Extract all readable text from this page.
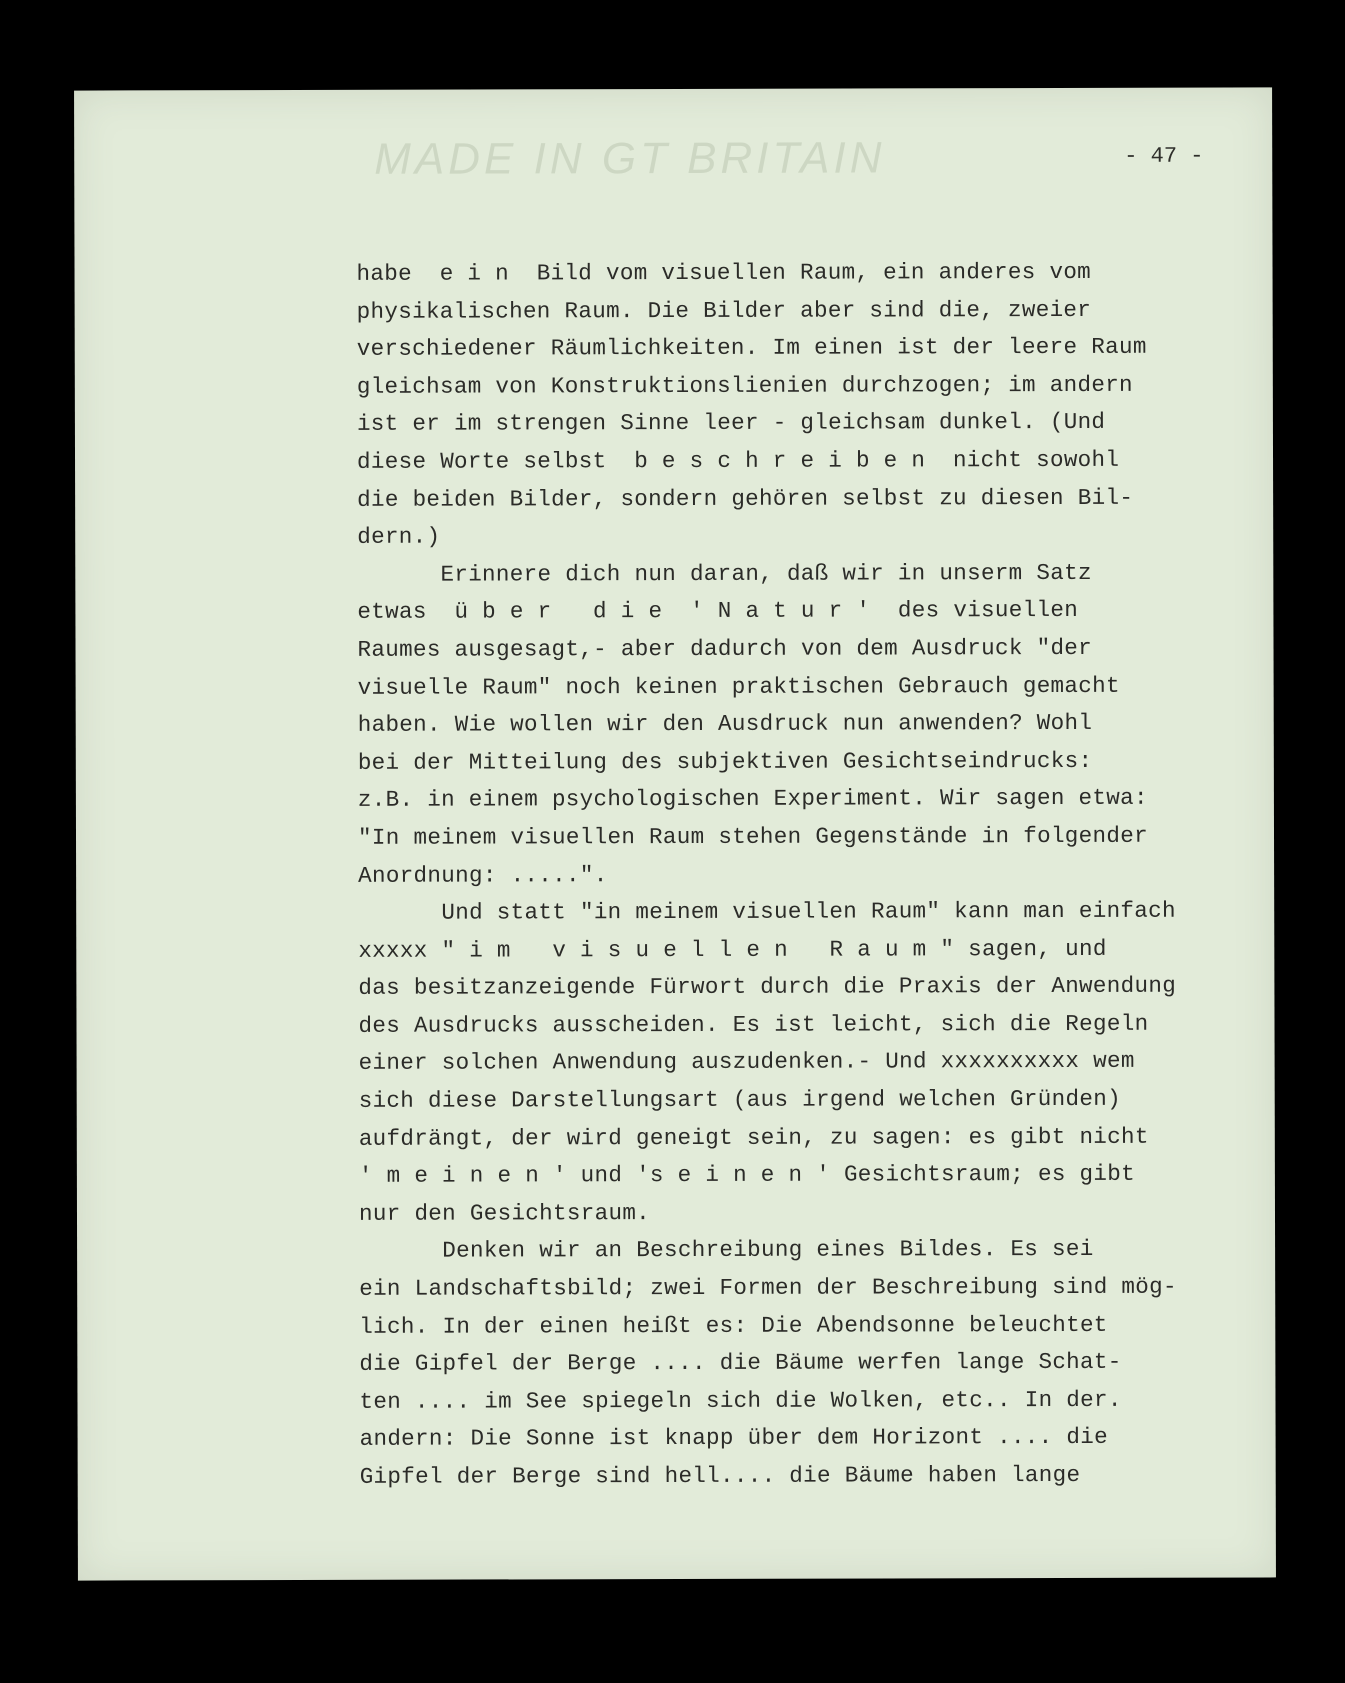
MADE IN GT BRITAIN	- 47 -
habe  e i n  Bild vom visuellen Raum, ein anderes vom
physikalischen Raum. Die Bilder aber sind die, zweier
verschiedener Räumlichkeiten. Im einen ist der leere Raum
gleichsam von Konstruktionslienien durchzogen; im andern
ist er im strengen Sinne leer - gleichsam dunkel. (Und
diese Worte selbst  b e s c h r e i b e n  nicht sowohl
die beiden Bilder, sondern gehören selbst zu diesen Bil-
dern.)
Erinnere dich nun daran, daß wir in unserm Satz
etwas  ü b e r   d i e  ' N a t u r '  des visuellen
Raumes ausgesagt,- aber dadurch von dem Ausdruck "der
visuelle Raum" noch keinen praktischen Gebrauch gemacht
haben. Wie wollen wir den Ausdruck nun anwenden? Wohl
bei der Mitteilung des subjektiven Gesichtseindrucks:
z.B. in einem psychologischen Experiment. Wir sagen etwa:
"In meinem visuellen Raum stehen Gegenstände in folgender
Anordnung: .....".
Und statt "in meinem visuellen Raum" kann man einfach
xxxxx " i m   v i s u e l l e n   R a u m " sagen, und
das besitzanzeigende Fürwort durch die Praxis der Anwendung
des Ausdrucks ausscheiden. Es ist leicht, sich die Regeln
einer solchen Anwendung auszudenken.- Und xxxxxxxxxx wem
sich diese Darstellungsart (aus irgend welchen Gründen)
aufdrängt, der wird geneigt sein, zu sagen: es gibt nicht
' m e i n e n ' und 's e i n e n ' Gesichtsraum; es gibt
nur den Gesichtsraum.
Denken wir an Beschreibung eines Bildes. Es sei
ein Landschaftsbild; zwei Formen der Beschreibung sind mög-
lich. In der einen heißt es: Die Abendsonne beleuchtet
die Gipfel der Berge .... die Bäume werfen lange Schat-
ten .... im See spiegeln sich die Wolken, etc.. In der.
andern: Die Sonne ist knapp über dem Horizont .... die
Gipfel der Berge sind hell.... die Bäume haben lange
